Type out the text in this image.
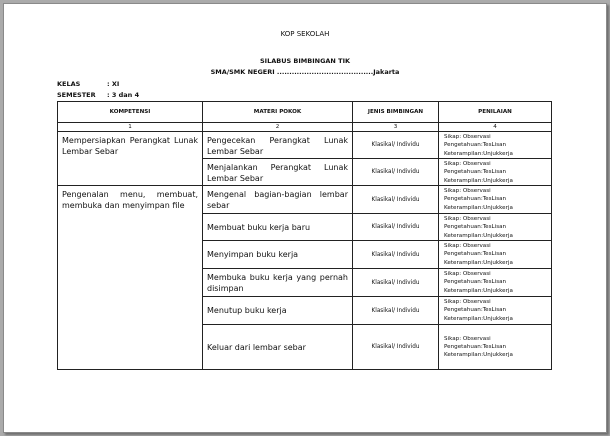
KOP SEKOLAH
SILABUS BIMBINGAN TIK
SMA/SMK NEGERI .......................................Jakarta
KELAS	: XI
SEMESTER : 3 dan 4
KOMPETENSI	MATERI POKOK	JENIS BIMBINGAN	PENILAIAN
1	2	3	4
Mempersiapkan Perangkat Lunak Lembar Sebar	Pengecekan Perangkat Lunak Lembar Sebar	Klasikal/ Individu	Sikap: Observasi
Pengetahuan:TesLisan
Keterampilan:Unjukkerja

	Menjalankan Perangkat Lunak Lembar Sebar	Klasikal/ Individu	Sikap: Observasi
Pengetahuan:TesLisan
Keterampilan:Unjukkerja

Pengenalan menu, membuat, membuka dan menyimpan file	Mengenal bagian-bagian lembar sebar	Klasikal/ Individu	Sikap: Observasi
Pengetahuan:TesLisan
Keterampilan:Unjukkerja

	Membuat buku kerja baru	Klasikal/ Individu	Sikap: Observasi
Pengetahuan:TesLisan
Keterampilan:Unjukkerja

	Menyimpan buku kerja	Klasikal/ Individu	Sikap: Observasi
Pengetahuan:TesLisan
Keterampilan:Unjukkerja

	Membuka buku kerja yang pernah disimpan	Klasikal/ Individu	Sikap: Observasi
Pengetahuan:TesLisan
Keterampilan:Unjukkerja

	Menutup buku kerja	Klasikal/ Individu	Sikap: Observasi
Pengetahuan:TesLisan
Keterampilan:Unjukkerja

	Keluar dari lembar sebar	Klasikal/ Individu	Sikap: Observasi
Pengetahuan:TesLisan
Keterampilan:Unjukkerja
